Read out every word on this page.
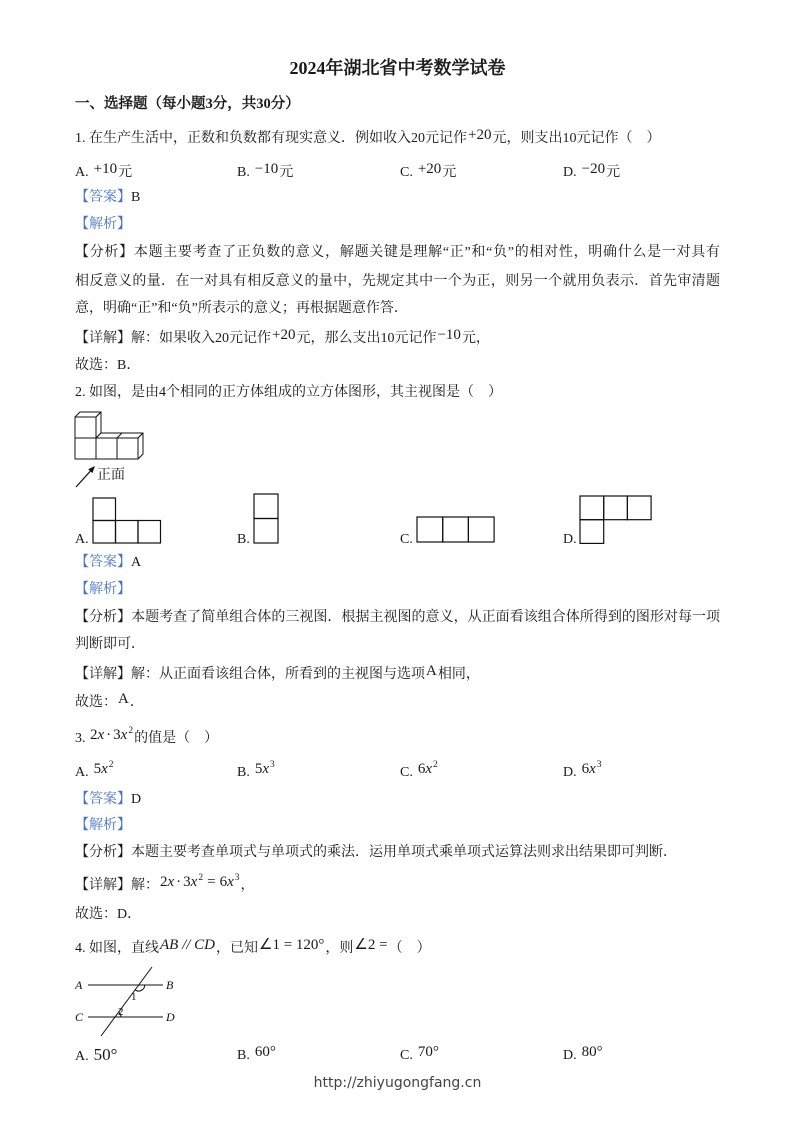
2024年湖北省中考数学试卷
一、选择题（每小题3分，共30分）
1. 在生产生活中，正数和负数都有现实意义．例如收入20元记作+20元，则支出10元记作（　）
A. +10元	B. −10元	C. +20元	D. −20元
【答案】B
【解析】
【分析】本题主要考查了正负数的意义，解题关键是理解“正”和“负”的相对性，明确什么是一对具有
相反意义的量．在一对具有相反意义的量中，先规定其中一个为正，则另一个就用负表示．首先审清题
意，明确“正”和“负”所表示的意义；再根据题意作答．
【详解】解：如果收入20元记作+20元，那么支出10元记作−10元，
故选：B．
2. 如图，是由4个相同的正方体组成的立方体图形，其主视图是（　）
正面
A.	B.	C.	D.
【答案】A
【解析】
【分析】本题考查了简单组合体的三视图．根据主视图的意义，从正面看该组合体所得到的图形对每一项
判断即可．
【详解】解：从正面看该组合体，所看到的主视图与选项A相同，
故选：A．
3. $2x \cdot 3x^2$的值是（　）
A. $5x^2$	B. $5x^3$	C. $6x^2$	D. $6x^3$
【答案】D
【解析】
【分析】本题主要考查单项式与单项式的乘法．运用单项式乘单项式运算法则求出结果即可判断．
【详解】解：$2x \cdot 3x^2 = 6x^3$，
故选：D．
4. 如图，直线AB // CD，已知∠1 = 120°，则∠2 =（　）
A	B
C	D
1
2
A. 50°	B. 60°	C. 70°	D. 80°
http://zhiyugongfang.cn
